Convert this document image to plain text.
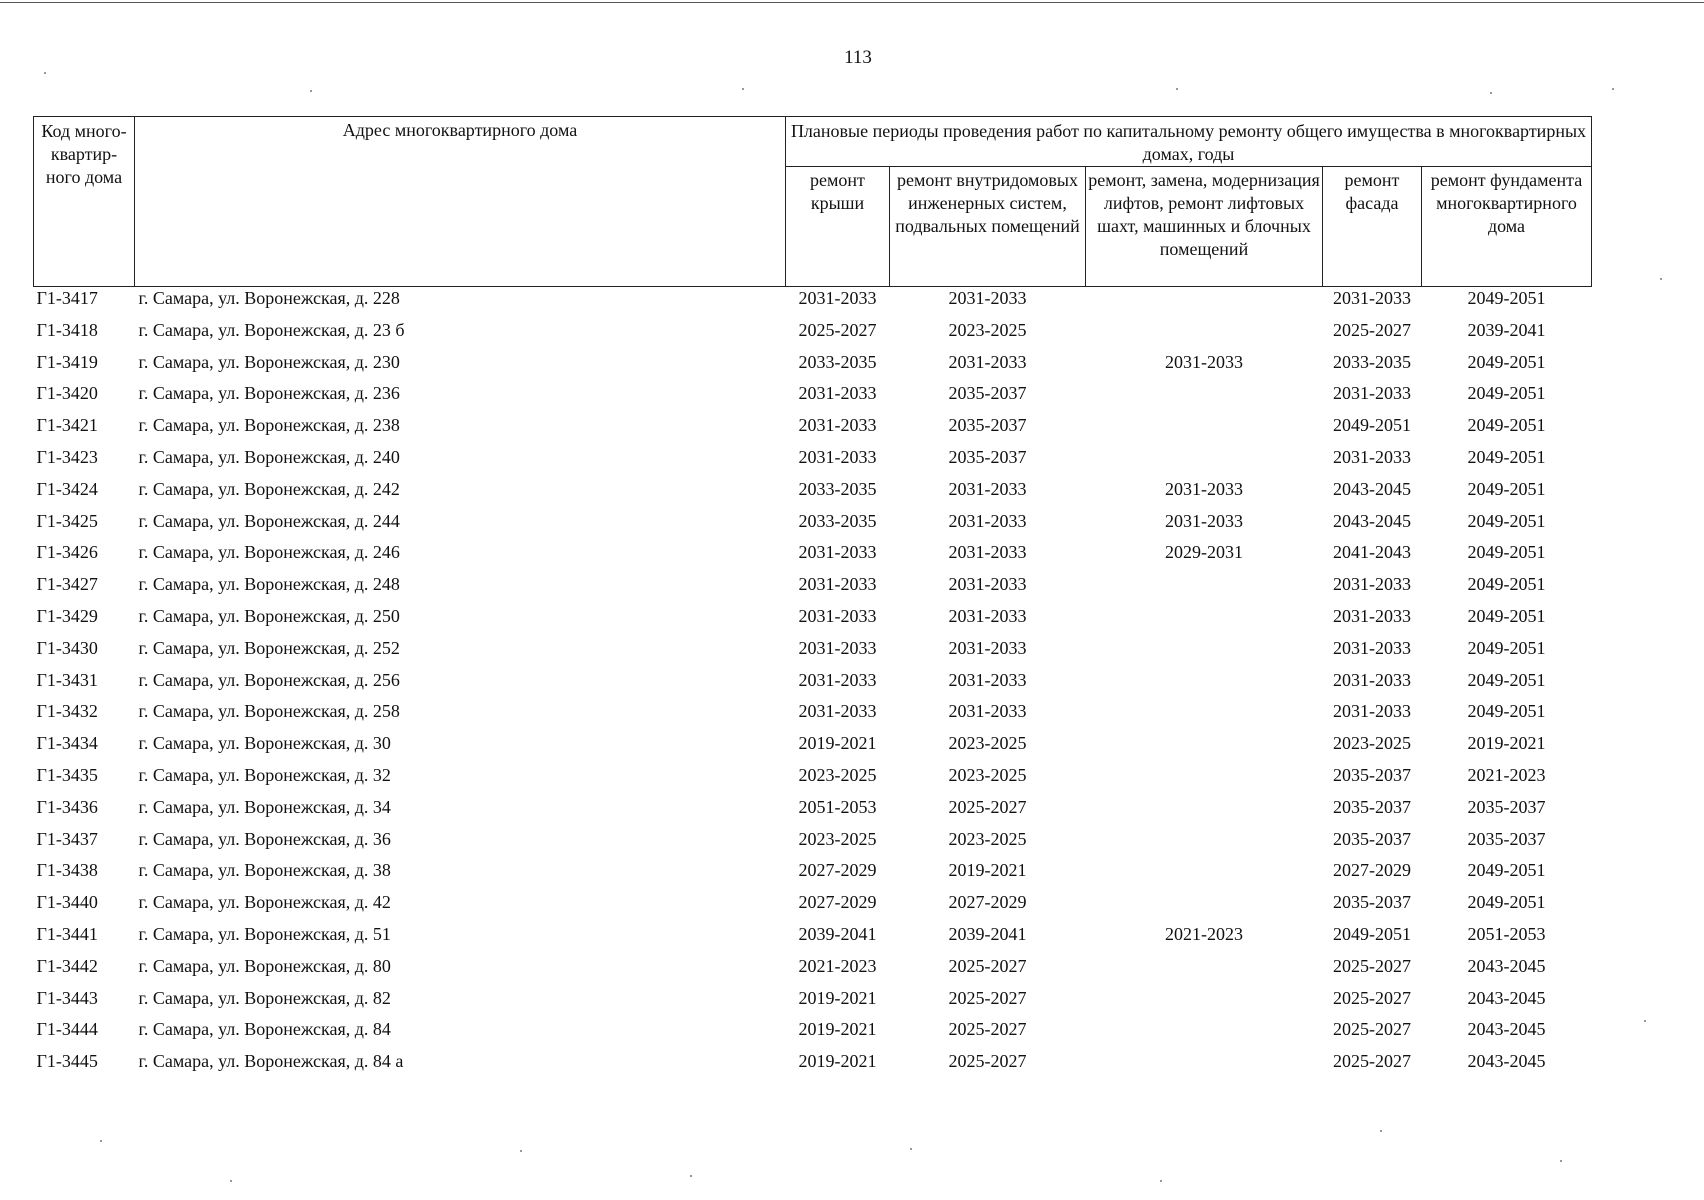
113
Код много-квартир-ного дома	Адрес многоквартирного дома	Плановые периоды проведения работ по капитальному ремонту общего имущества в многоквартирных домах, годы				
		ремонт крыши	ремонт внутридомовых инженерных систем, подвальных помещений	ремонт, замена, модернизация лифтов, ремонт лифтовых шахт, машинных и блочных помещений	ремонт фасада	ремонт фундамента многоквартирного дома
Г1-3417	г. Самара, ул. Воронежская, д. 228	2031-2033	2031-2033		2031-2033	2049-2051
Г1-3418	г. Самара, ул. Воронежская, д. 23 б	2025-2027	2023-2025		2025-2027	2039-2041
Г1-3419	г. Самара, ул. Воронежская, д. 230	2033-2035	2031-2033	2031-2033	2033-2035	2049-2051
Г1-3420	г. Самара, ул. Воронежская, д. 236	2031-2033	2035-2037		2031-2033	2049-2051
Г1-3421	г. Самара, ул. Воронежская, д. 238	2031-2033	2035-2037		2049-2051	2049-2051
Г1-3423	г. Самара, ул. Воронежская, д. 240	2031-2033	2035-2037		2031-2033	2049-2051
Г1-3424	г. Самара, ул. Воронежская, д. 242	2033-2035	2031-2033	2031-2033	2043-2045	2049-2051
Г1-3425	г. Самара, ул. Воронежская, д. 244	2033-2035	2031-2033	2031-2033	2043-2045	2049-2051
Г1-3426	г. Самара, ул. Воронежская, д. 246	2031-2033	2031-2033	2029-2031	2041-2043	2049-2051
Г1-3427	г. Самара, ул. Воронежская, д. 248	2031-2033	2031-2033		2031-2033	2049-2051
Г1-3429	г. Самара, ул. Воронежская, д. 250	2031-2033	2031-2033		2031-2033	2049-2051
Г1-3430	г. Самара, ул. Воронежская, д. 252	2031-2033	2031-2033		2031-2033	2049-2051
Г1-3431	г. Самара, ул. Воронежская, д. 256	2031-2033	2031-2033		2031-2033	2049-2051
Г1-3432	г. Самара, ул. Воронежская, д. 258	2031-2033	2031-2033		2031-2033	2049-2051
Г1-3434	г. Самара, ул. Воронежская, д. 30	2019-2021	2023-2025		2023-2025	2019-2021
Г1-3435	г. Самара, ул. Воронежская, д. 32	2023-2025	2023-2025		2035-2037	2021-2023
Г1-3436	г. Самара, ул. Воронежская, д. 34	2051-2053	2025-2027		2035-2037	2035-2037
Г1-3437	г. Самара, ул. Воронежская, д. 36	2023-2025	2023-2025		2035-2037	2035-2037
Г1-3438	г. Самара, ул. Воронежская, д. 38	2027-2029	2019-2021		2027-2029	2049-2051
Г1-3440	г. Самара, ул. Воронежская, д. 42	2027-2029	2027-2029		2035-2037	2049-2051
Г1-3441	г. Самара, ул. Воронежская, д. 51	2039-2041	2039-2041	2021-2023	2049-2051	2051-2053
Г1-3442	г. Самара, ул. Воронежская, д. 80	2021-2023	2025-2027		2025-2027	2043-2045
Г1-3443	г. Самара, ул. Воронежская, д. 82	2019-2021	2025-2027		2025-2027	2043-2045
Г1-3444	г. Самара, ул. Воронежская, д. 84	2019-2021	2025-2027		2025-2027	2043-2045
Г1-3445	г. Самара, ул. Воронежская, д. 84 а	2019-2021	2025-2027		2025-2027	2043-2045
